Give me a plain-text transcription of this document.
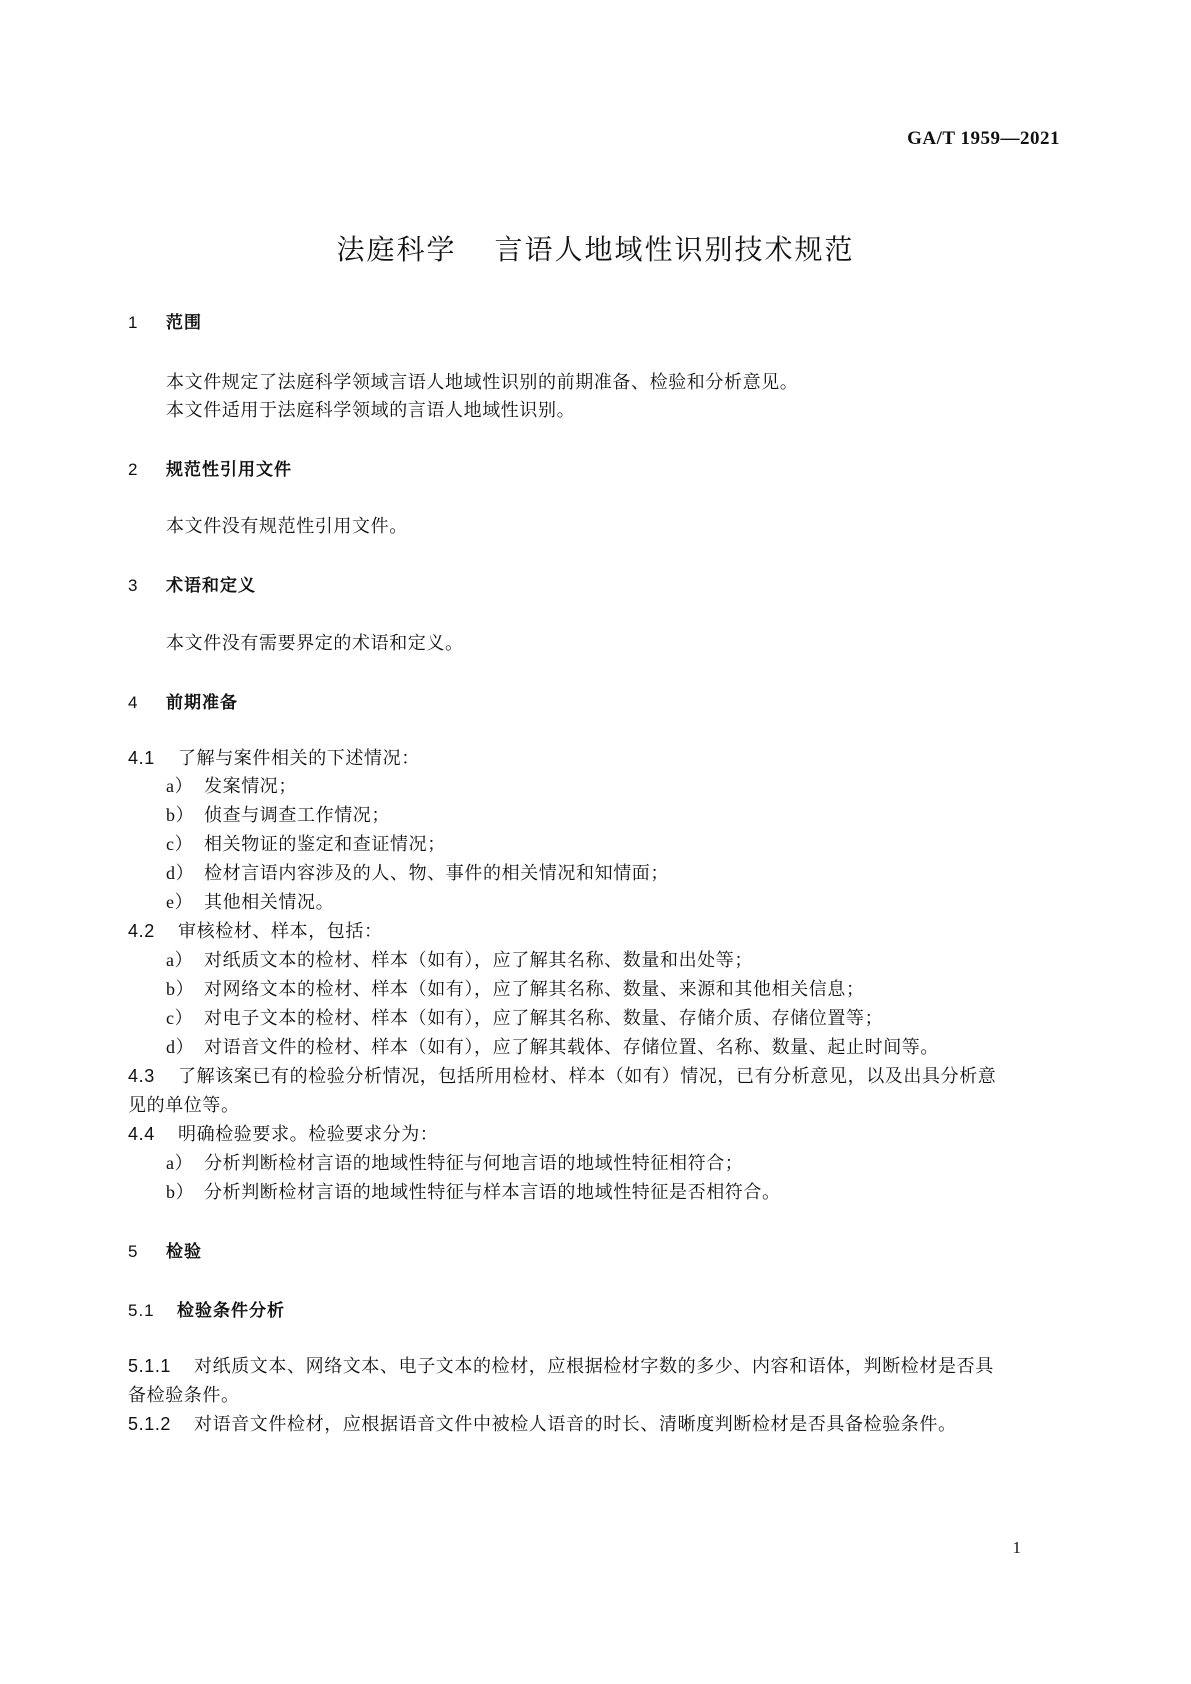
GA/T 1959—2021
法庭科学 言语人地域性识别技术规范
1 范围
本文件规定了法庭科学领域言语人地域性识别的前期准备、检验和分析意见。
本文件适用于法庭科学领域的言语人地域性识别。
2 规范性引用文件
本文件没有规范性引用文件。
3 术语和定义
本文件没有需要界定的术语和定义。
4 前期准备
4.1 了解与案件相关的下述情况：
a） 发案情况；
b） 侦查与调查工作情况；
c） 相关物证的鉴定和查证情况；
d） 检材言语内容涉及的人、物、事件的相关情况和知情面；
e） 其他相关情况。
4.2 审核检材、样本，包括：
a） 对纸质文本的检材、样本（如有），应了解其名称、数量和出处等；
b） 对网络文本的检材、样本（如有），应了解其名称、数量、来源和其他相关信息；
c） 对电子文本的检材、样本（如有），应了解其名称、数量、存储介质、存储位置等；
d） 对语音文件的检材、样本（如有），应了解其载体、存储位置、名称、数量、起止时间等。
4.3 了解该案已有的检验分析情况，包括所用检材、样本（如有）情况，已有分析意见，以及出具分析意
见的单位等。
4.4 明确检验要求。检验要求分为：
a） 分析判断检材言语的地域性特征与何地言语的地域性特征相符合；
b） 分析判断检材言语的地域性特征与样本言语的地域性特征是否相符合。
5 检验
5.1 检验条件分析
5.1.1 对纸质文本、网络文本、电子文本的检材，应根据检材字数的多少、内容和语体，判断检材是否具
备检验条件。
5.1.2 对语音文件检材，应根据语音文件中被检人语音的时长、清晰度判断检材是否具备检验条件。
1
